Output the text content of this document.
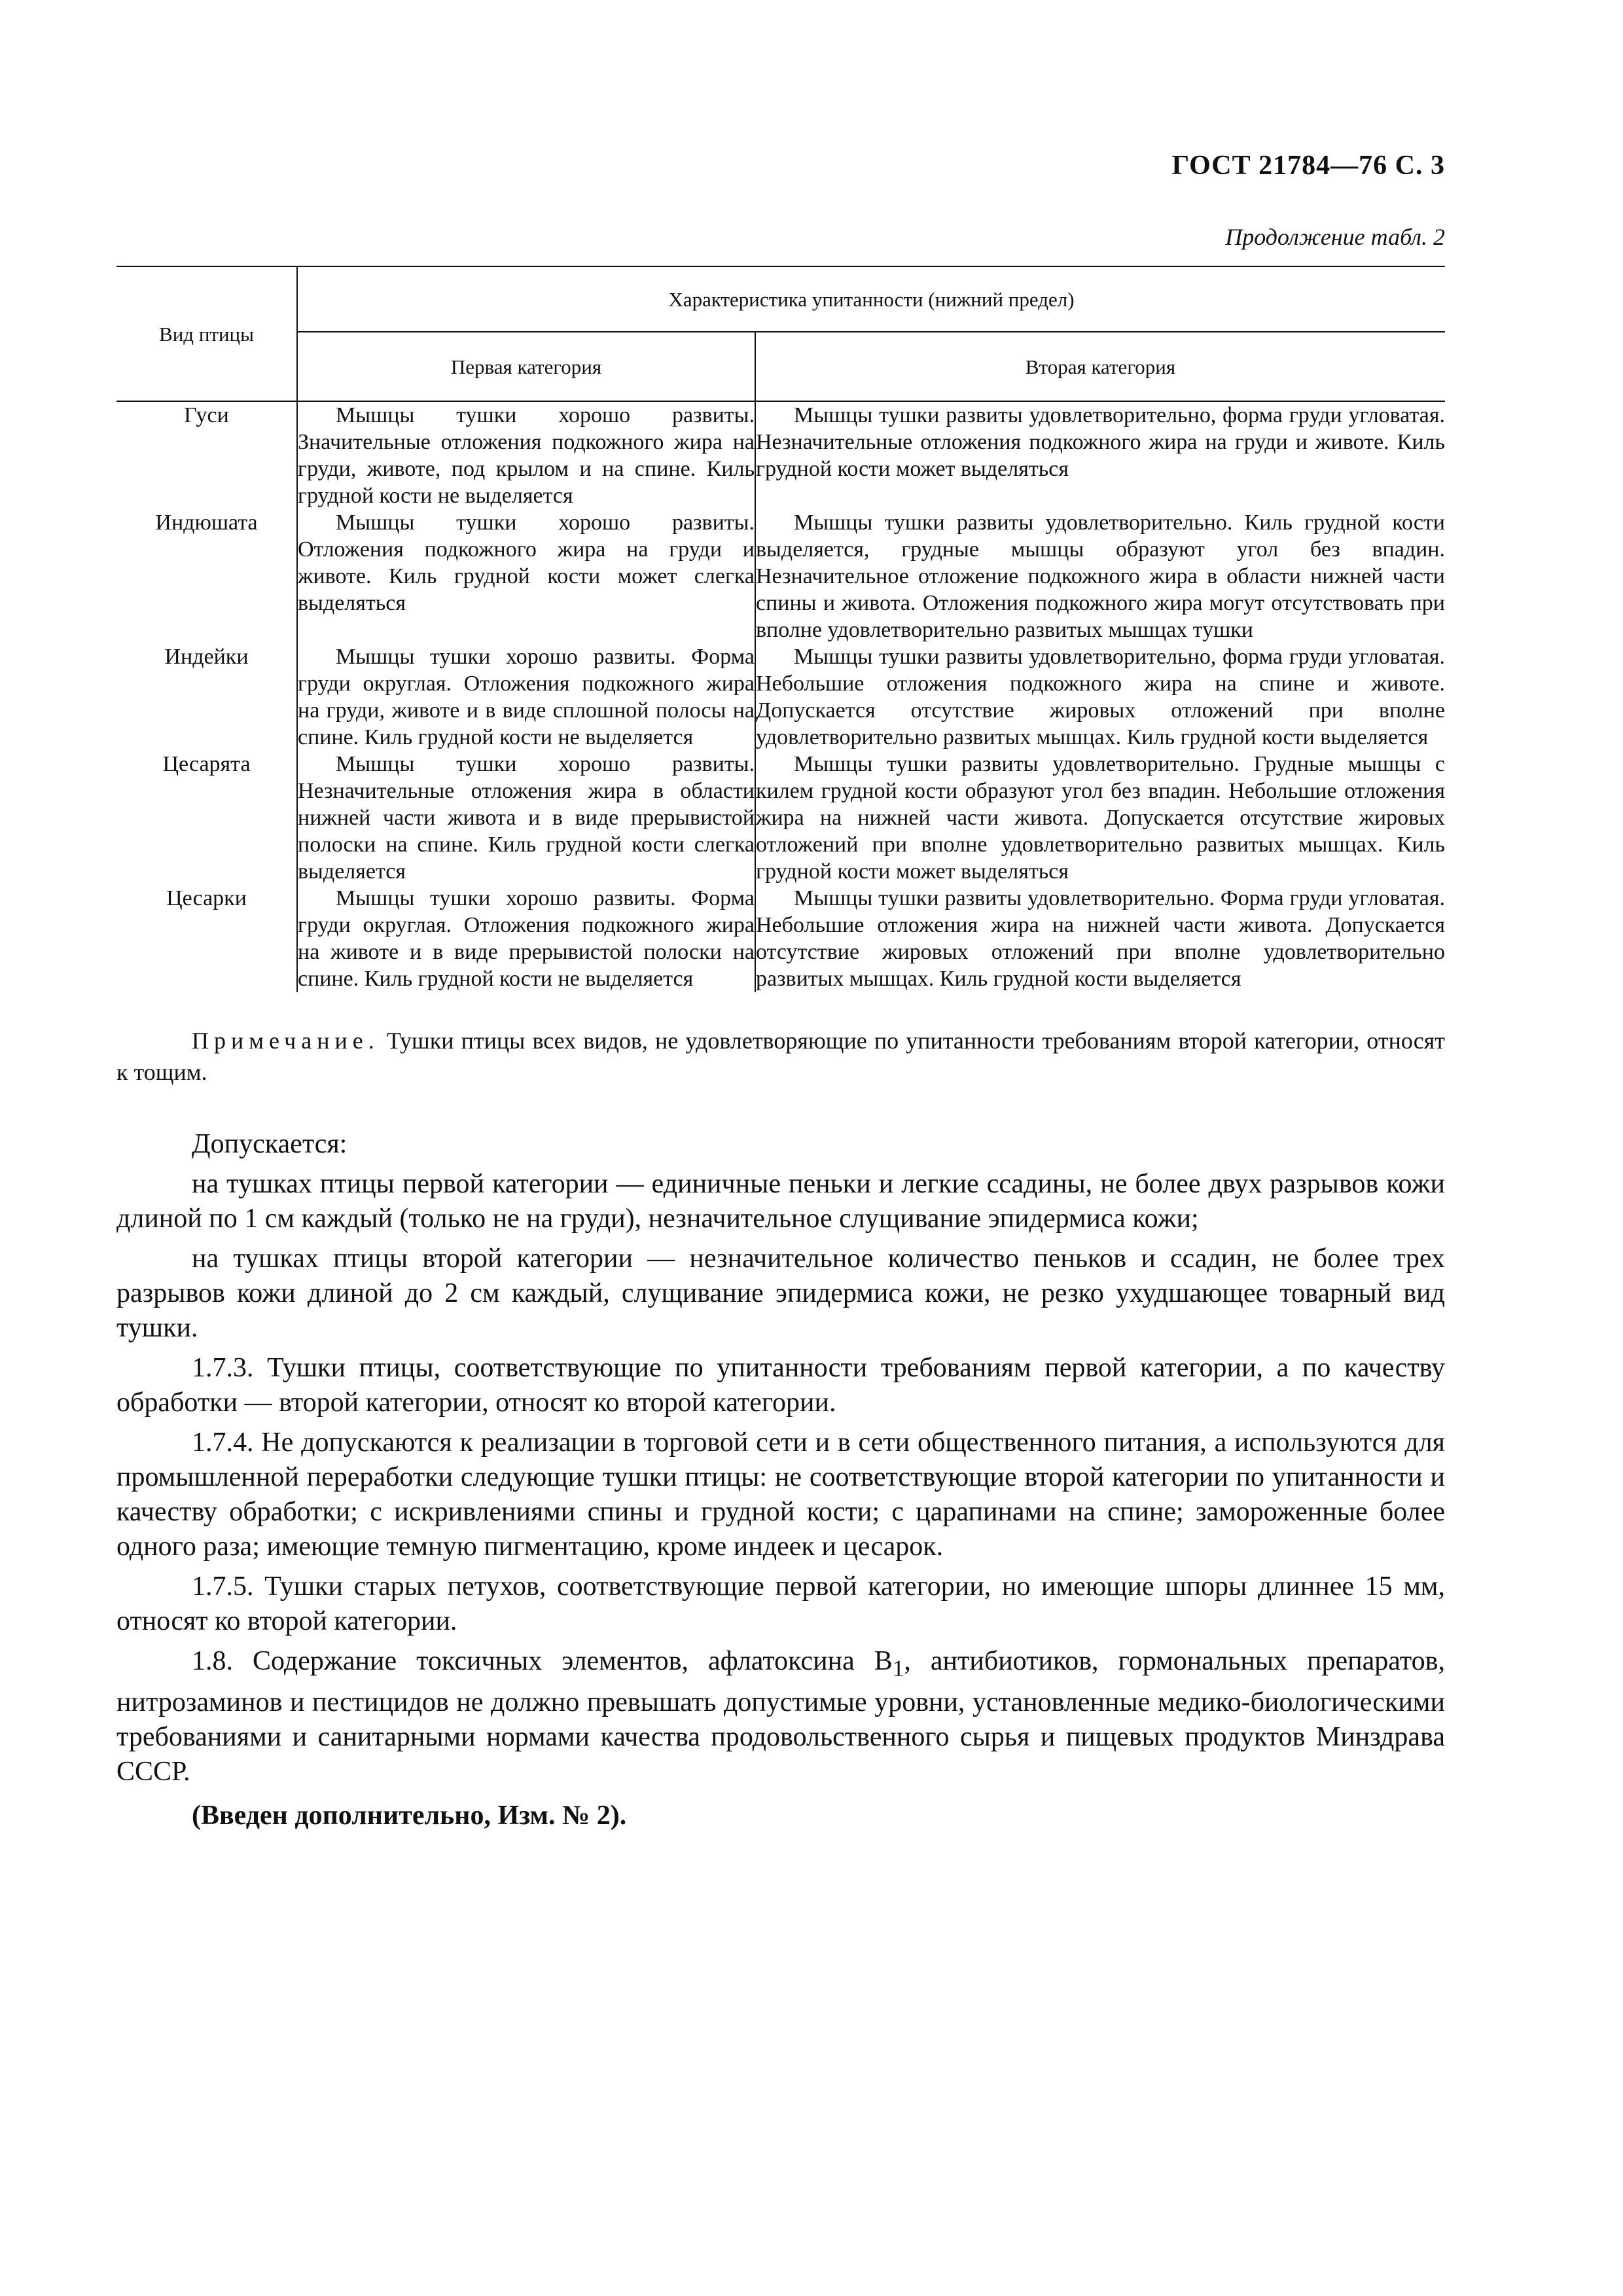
ГОСТ 21784—76 С. 3
Продолжение табл. 2
Вид птицы	Характеристика упитанности (нижний предел)	
	Первая категория	Вторая категория
Гуси	Мышцы тушки хорошо развиты. Значительные отложения подкожного жира на груди, животе, под крылом и на спине. Киль грудной кости не выделяется	Мышцы тушки развиты удовлетворительно, форма груди угловатая. Незначительные отложения подкожного жира на груди и животе. Киль грудной кости может выделяться
Индюшата	Мышцы тушки хорошо развиты. Отложения подкожного жира на груди и животе. Киль грудной кости может слегка выделяться	Мышцы тушки развиты удовлетворительно. Киль грудной кости выделяется, грудные мышцы образуют угол без впадин. Незначительное отложение подкожного жира в области нижней части спины и живота. Отложения подкожного жира могут отсутствовать при вполне удовлетворительно развитых мышцах тушки
Индейки	Мышцы тушки хорошо развиты. Форма груди округлая. Отложения подкожного жира на груди, животе и в виде сплошной полосы на спине. Киль грудной кости не выделяется	Мышцы тушки развиты удовлетворительно, форма груди угловатая. Небольшие отложения подкожного жира на спине и животе. Допускается отсутствие жировых отложений при вполне удовлетворительно развитых мышцах. Киль грудной кости выделяется
Цесарята	Мышцы тушки хорошо развиты. Незначительные отложения жира в области нижней части живота и в виде прерывистой полоски на спине. Киль грудной кости слегка выделяется	Мышцы тушки развиты удовлетворительно. Грудные мышцы с килем грудной кости образуют угол без впадин. Небольшие отложения жира на нижней части живота. Допускается отсутствие жировых отложений при вполне удовлетворительно развитых мышцах. Киль грудной кости может выделяться
Цесарки	Мышцы тушки хорошо развиты. Форма груди округлая. Отложения подкожного жира на животе и в виде прерывистой полоски на спине. Киль грудной кости не выделяется	Мышцы тушки развиты удовлетворительно. Форма груди угловатая. Небольшие отложения жира на нижней части живота. Допускается отсутствие жировых отложений при вполне удовлетворительно развитых мышцах. Киль грудной кости выделяется
Примечание. Тушки птицы всех видов, не удовлетворяющие по упитанности требованиям второй категории, относят к тощим.

Допускается:

на тушках птицы первой категории — единичные пеньки и легкие ссадины, не более двух разрывов кожи длиной по 1 см каждый (только не на груди), незначительное слущивание эпидермиса кожи;

на тушках птицы второй категории — незначительное количество пеньков и ссадин, не более трех разрывов кожи длиной до 2 см каждый, слущивание эпидермиса кожи, не резко ухудшающее товарный вид тушки.

1.7.3. Тушки птицы, соответствующие по упитанности требованиям первой категории, а по качеству обработки — второй категории, относят ко второй категории.

1.7.4. Не допускаются к реализации в торговой сети и в сети общественного питания, а используются для промышленной переработки следующие тушки птицы: не соответствующие второй категории по упитанности и качеству обработки; с искривлениями спины и грудной кости; с царапинами на спине; замороженные более одного раза; имеющие темную пигментацию, кроме индеек и цесарок.

1.7.5. Тушки старых петухов, соответствующие первой категории, но имеющие шпоры длиннее 15 мм, относят ко второй категории.

1.8. Содержание токсичных элементов, афлатоксина $B_1$, антибиотиков, гормональных препаратов, нитрозаминов и пестицидов не должно превышать допустимые уровни, установленные медико-биологическими требованиями и санитарными нормами качества продовольственного сырья и пищевых продуктов Минздрава СССР.

(Введен дополнительно, Изм. № 2).
